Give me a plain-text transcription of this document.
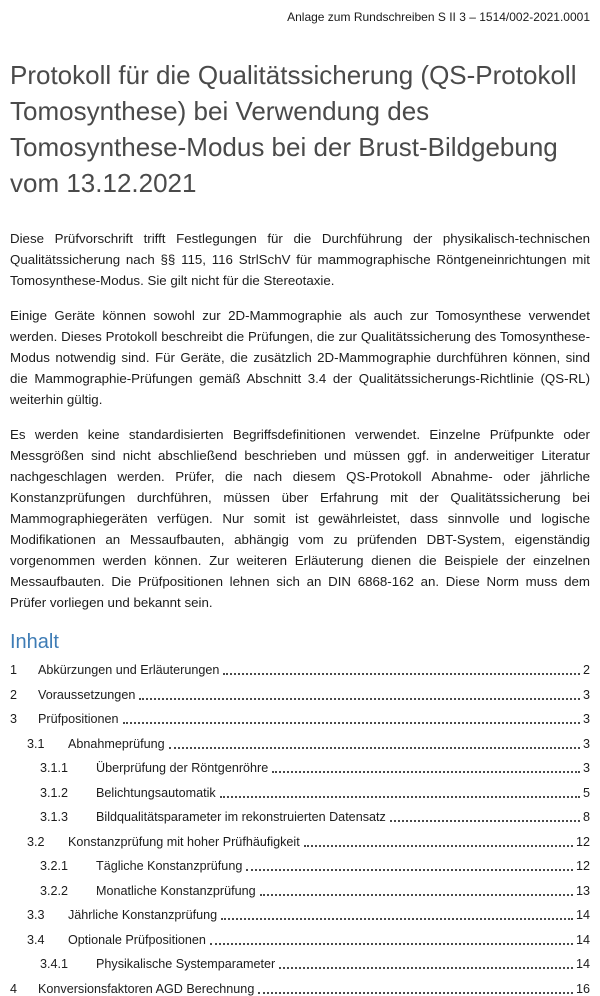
Anlage zum Rundschreiben S II 3 – 1514/002-2021.0001
Protokoll für die Qualitätssicherung (QS-Protokoll
Tomosynthese) bei Verwendung des
Tomosynthese-Modus bei der Brust-Bildgebung
vom 13.12.2021

Diese Prüfvorschrift trifft Festlegungen für die Durchführung der physikalisch-technischen Qualitätssicherung nach §§ 115, 116 StrlSchV für mammographische Röntgeneinrichtungen mit Tomosynthese-Modus. Sie gilt nicht für die Stereotaxie.

Einige Geräte können sowohl zur 2D-Mammographie als auch zur Tomosynthese verwendet werden. Dieses Protokoll beschreibt die Prüfungen, die zur Qualitätssicherung des Tomosynthese-Modus notwendig sind. Für Geräte, die zusätzlich 2D-Mammographie durchführen können, sind die Mammographie-Prüfungen gemäß Abschnitt 3.4 der Qualitätssicherungs-Richtlinie (QS-RL) weiterhin gültig.

Es werden keine standardisierten Begriffsdefinitionen verwendet. Einzelne Prüfpunkte oder Messgrößen sind nicht abschließend beschrieben und müssen ggf. in anderweitiger Literatur nachgeschlagen werden. Prüfer, die nach diesem QS-Protokoll Abnahme- oder jährliche Konstanzprüfungen durchführen, müssen über Erfahrung mit der Qualitätssicherung bei Mammographiegeräten verfügen. Nur somit ist gewährleistet, dass sinnvolle und logische Modifikationen an Messaufbauten, abhängig vom zu prüfenden DBT-System, eigenständig vorgenommen werden können. Zur weiteren Erläuterung dienen die Beispiele der einzelnen Messaufbauten. Die Prüfpositionen lehnen sich an DIN 6868-162 an. Diese Norm muss dem Prüfer vorliegen und bekannt sein.

Inhalt
1	Abkürzungen und Erläuterungen	2
2	Voraussetzungen	3
3	Prüfpositionen	3
3.1	Abnahmeprüfung	3
3.1.1	Überprüfung der Röntgenröhre	3
3.1.2	Belichtungsautomatik	5
3.1.3	Bildqualitätsparameter im rekonstruierten Datensatz	8
3.2	Konstanzprüfung mit hoher Prüfhäufigkeit	12
3.2.1	Tägliche Konstanzprüfung	12
3.2.2	Monatliche Konstanzprüfung	13
3.3	Jährliche Konstanzprüfung	14
3.4	Optionale Prüfpositionen	14
3.4.1	Physikalische Systemparameter	14
4	Konversionsfaktoren AGD Berechnung	16
